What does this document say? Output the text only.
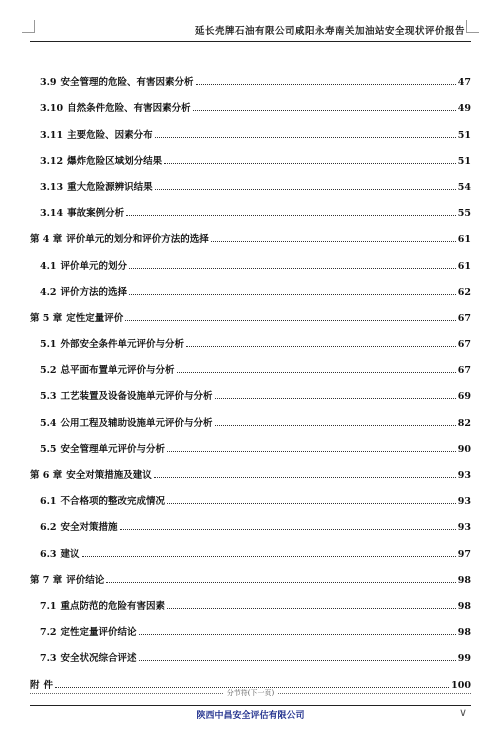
延长壳牌石油有限公司咸阳永寿南关加油站安全现状评价报告
3.9 安全管理的危险、有害因素分析	47
3.10 自然条件危险、有害因素分析	49
3.11 主要危险、因素分布	51
3.12 爆炸危险区域划分结果	51
3.13 重大危险源辨识结果	54
3.14 事故案例分析	55
第 4 章 评价单元的划分和评价方法的选择	61
4.1 评价单元的划分	61
4.2 评价方法的选择	62
第 5 章 定性定量评价	67
5.1 外部安全条件单元评价与分析	67
5.2 总平面布置单元评价与分析	67
5.3 工艺装置及设备设施单元评价与分析	69
5.4 公用工程及辅助设施单元评价与分析	82
5.5 安全管理单元评价与分析	90
第 6 章 安全对策措施及建议	93
6.1 不合格项的整改完成情况	93
6.2 安全对策措施	93
6.3 建议	97
第 7 章 评价结论	98
7.1 重点防范的危险有害因素	98
7.2 定性定量评价结论	98
7.3 安全状况综合评述	99
附 件	100
分节符(下一页)
陕西中昌安全评估有限公司	∨
